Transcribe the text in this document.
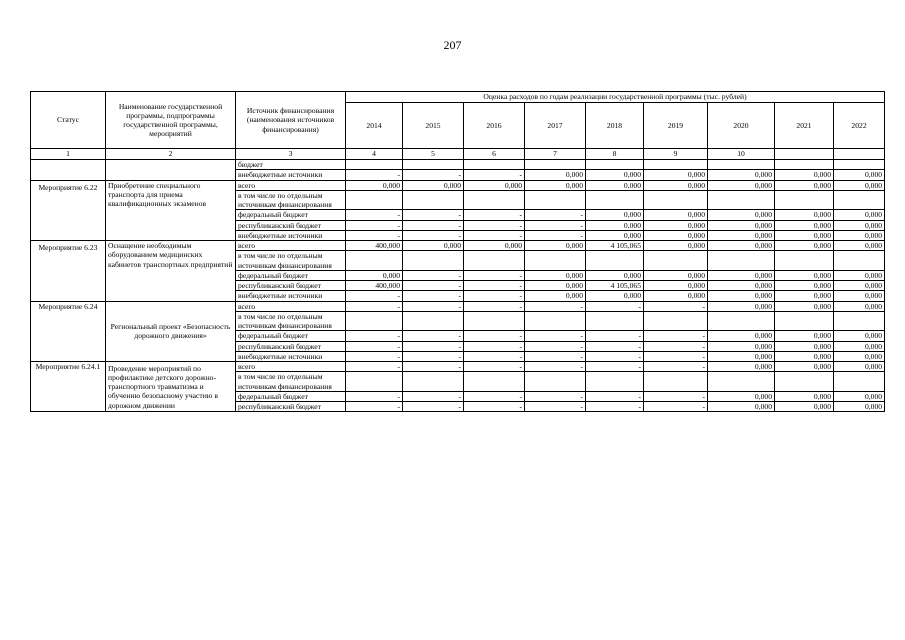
207
Статус	Наименование государственной программы, подпрограммы государственной программы, мероприятий	Источник финансирования (наименования источников финансирования)	Оценка расходов по годам реализации государственной программы (тыс. рублей)								
			2014	2015	2016	2017	2018	2019	2020	2021	2022
1	2	3	4	5	6	7	8	9	10		
		бюджет									
		внебюджетные источники	-	-	-	0,000	0,000	0,000	0,000	0,000	0,000
Мероприятие 6.22	Приобретение специального транспорта для приема квалификационных экзаменов	всего	0,000	0,000	0,000	0,000	0,000	0,000	0,000	0,000	0,000
		в том числе по отдельным источникам финансирования									
		федеральный бюджет	-	-	-	-	0,000	0,000	0,000	0,000	0,000
		республиканский бюджет	-	-	-	-	0,000	0,000	0,000	0,000	0,000
		внебюджетные источники	-	-	-	-	0,000	0,000	0,000	0,000	0,000
Мероприятие 6.23	Оснащение необходимым оборудованием медицинских кабинетов транспортных предприятий	всего	400,000	0,000	0,000	0,000	4 105,065	0,000	0,000	0,000	0,000
		в том числе по отдельным источникам финансирования									
		федеральный бюджет	0,000	-	-	0,000	0,000	0,000	0,000	0,000	0,000
		республиканский бюджет	400,000	-	-	0,000	4 105,065	0,000	0,000	0,000	0,000
		внебюджетные источники	-	-	-	0,000	0,000	0,000	0,000	0,000	0,000
Мероприятие 6.24	Региональный проект «Безопасность дорожного движения»	всего	-	-	-	-	-	-	0,000	0,000	0,000
		в том числе по отдельным источникам финансирования									
		федеральный бюджет	-	-	-	-	-	-	0,000	0,000	0,000
		республиканский бюджет	-	-	-	-	-	-	0,000	0,000	0,000
		внебюджетные источники	-	-	-	-	-	-	0,000	0,000	0,000
Мероприятие 6.24.1	Проведение мероприятий по профилактике детского дорожно-транспортного травматизма и обучению безопасному участию в дорожном движении	всего	-	-	-	-	-	-	0,000	0,000	0,000
		в том числе по отдельным источникам финансирования									
		федеральный бюджет	-	-	-	-	-	-	0,000	0,000	0,000
		республиканский бюджет	-	-	-	-	-	-	0,000	0,000	0,000
